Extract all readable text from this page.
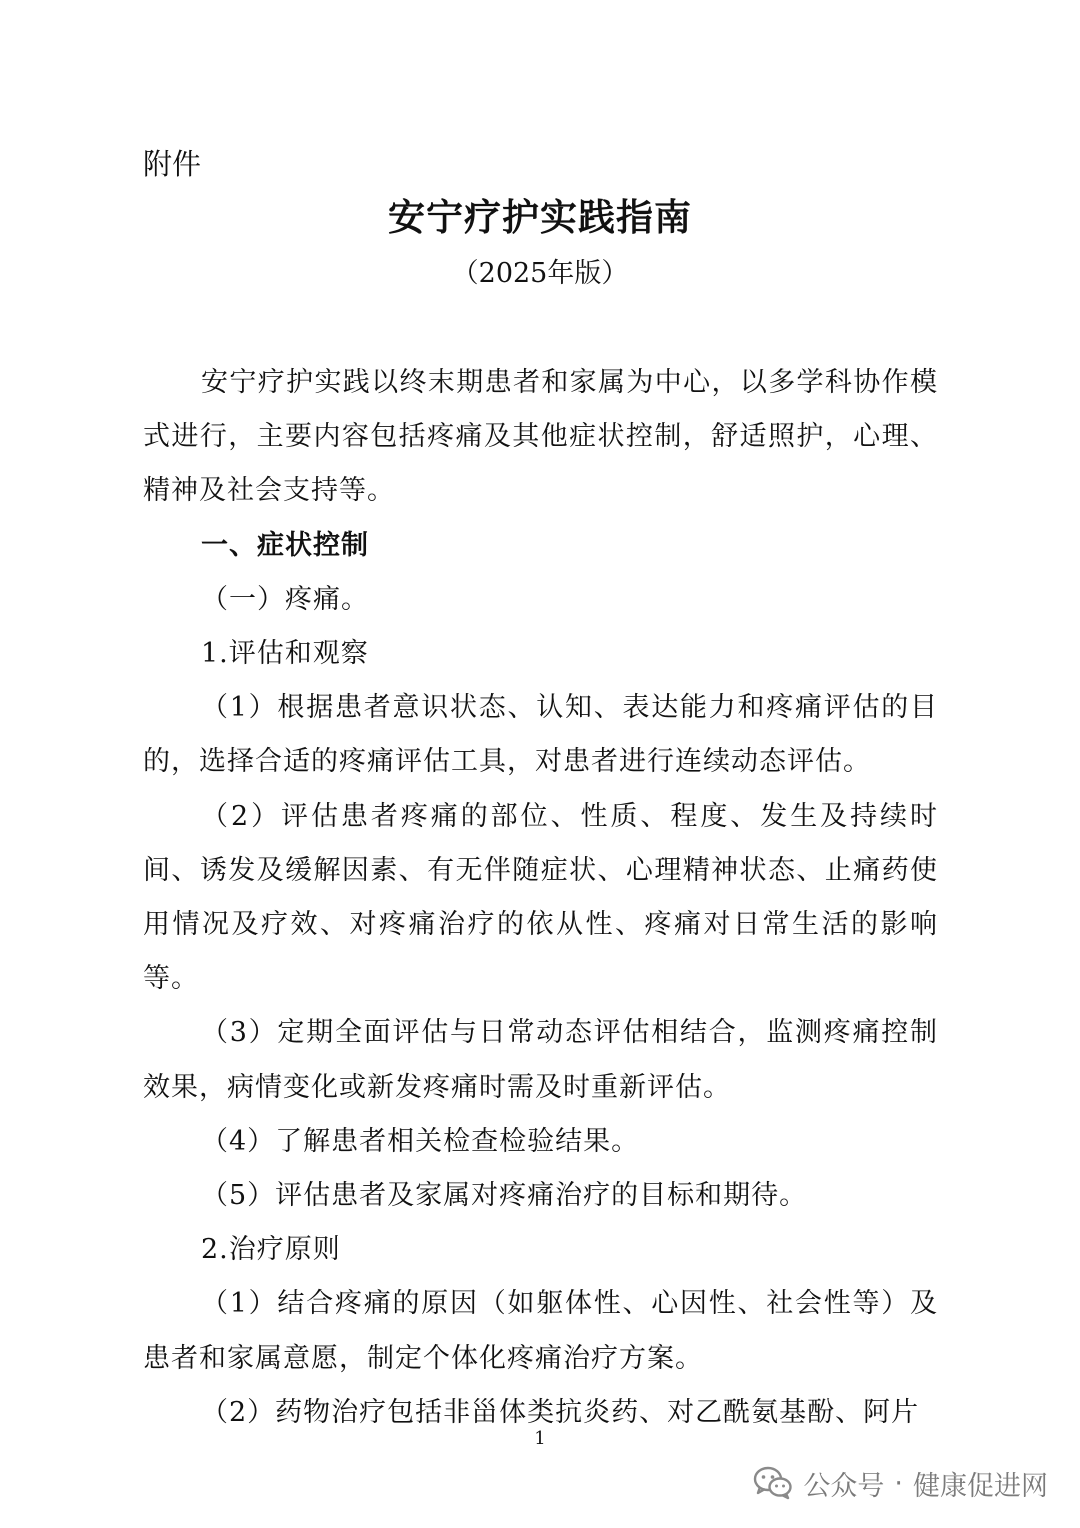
附件
安宁疗护实践指南
（2025年版）

安宁疗护实践以终末期患者和家属为中心，以多学科协作模式进行，主要内容包括疼痛及其他症状控制，舒适照护，心理、精神及社会支持等。

一、症状控制

（一）疼痛。

1.评估和观察

（1）根据患者意识状态、认知、表达能力和疼痛评估的目的，选择合适的疼痛评估工具，对患者进行连续动态评估。

（2）评估患者疼痛的部位、性质、程度、发生及持续时间、诱发及缓解因素、有无伴随症状、心理精神状态、止痛药使用情况及疗效、对疼痛治疗的依从性、疼痛对日常生活的影响等。

（3）定期全面评估与日常动态评估相结合，监测疼痛控制效果，病情变化或新发疼痛时需及时重新评估。

（4）了解患者相关检查检验结果。

（5）评估患者及家属对疼痛治疗的目标和期待。

2.治疗原则

（1）结合疼痛的原因（如躯体性、心因性、社会性等）及患者和家属意愿，制定个体化疼痛治疗方案。

（2）药物治疗包括非甾体类抗炎药、对乙酰氨基酚、阿片

1
公众号 · 健康促进网
